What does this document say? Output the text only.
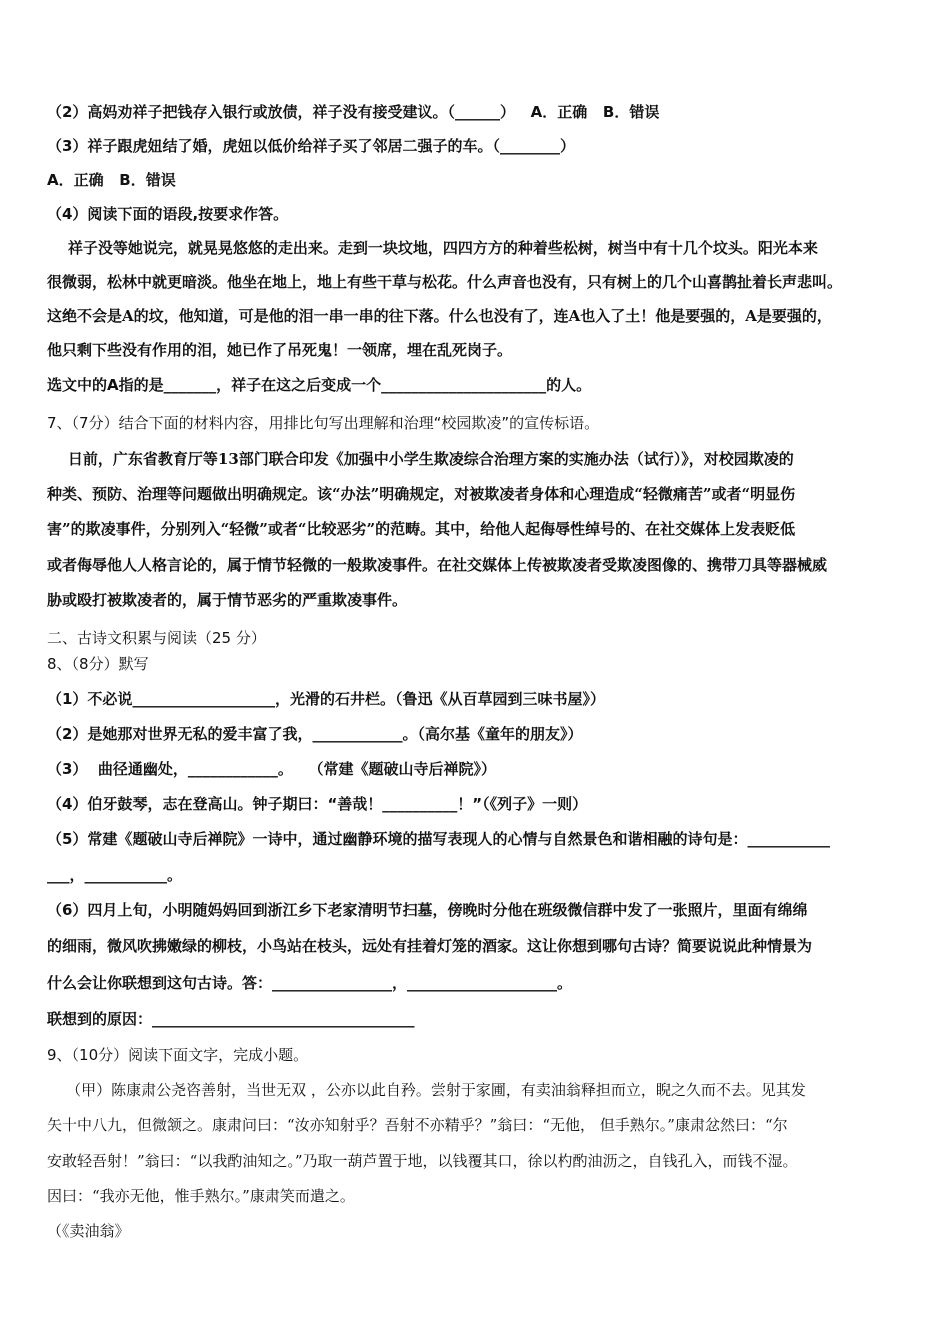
（2）高妈劝祥子把钱存入银行或放债，祥子没有接受建议。（______）   A．正确   B．错误
（3）祥子跟虎妞结了婚，虎妞以低价给祥子买了邻居二强子的车。（________）
A．正确   B．错误
（4）阅读下面的语段,按要求作答。
祥子没等她说完，就晃晃悠悠的走出来。走到一块坟地，四四方方的种着些松树，树当中有十几个坟头。阳光本来
很微弱，松林中就更暗淡。他坐在地上，地上有些干草与松花。什么声音也没有，只有树上的几个山喜鹊扯着长声悲叫。
这绝不会是A的坟，他知道，可是他的泪一串一串的往下落。什么也没有了，连A也入了土！他是要强的，A是要强的，
他只剩下些没有作用的泪，她已作了吊死鬼！一领席，埋在乱死岗子。
选文中的A指的是_______，祥子在这之后变成一个______________________的人。
7、（7分）结合下面的材料内容，用排比句写出理解和治理“校园欺凌”的宣传标语。
日前，广东省教育厅等13部门联合印发《加强中小学生欺凌综合治理方案的实施办法（试行）》，对校园欺凌的
种类、预防、治理等问题做出明确规定。该“办法”明确规定，对被欺凌者身体和心理造成“轻微痛苦”或者“明显伤
害”的欺凌事件，分别列入“轻微”或者“比较恶劣”的范畴。其中，给他人起侮辱性绰号的、在社交媒体上发表贬低
或者侮辱他人人格言论的，属于情节轻微的一般欺凌事件。在社交媒体上传被欺凌者受欺凌图像的、携带刀具等器械威
胁或殴打被欺凌者的，属于情节恶劣的严重欺凌事件。
二、古诗文积累与阅读（25 分）
8、（8分）默写
（1）不必说___________________，光滑的石井栏。（鲁迅《从百草园到三味书屋》）
（2）是她那对世界无私的爱丰富了我，____________。（高尔基《童年的朋友》）
（3）  曲径通幽处，____________。   （常建《题破山寺后禅院》）
（4）伯牙鼓琴，志在登高山。钟子期曰：“善哉！__________！”（《列子》一则）
（5）常建《题破山寺后禅院》一诗中，通过幽静环境的描写表现人的心情与自然景色和谐相融的诗句是：___________
___，___________。
（6）四月上旬，小明随妈妈回到浙江乡下老家清明节扫墓，傍晚时分他在班级微信群中发了一张照片，里面有绵绵
的细雨，微风吹拂嫩绿的柳枝，小鸟站在枝头，远处有挂着灯笼的酒家。这让你想到哪句古诗？简要说说此种情景为
什么会让你联想到这句古诗。答：________________，____________________。
联想到的原因：___________________________________
9、（10分）阅读下面文字，完成小题。
（甲）陈康肃公尧咨善射，当世无双 ，公亦以此自矜。尝射于家圃，有卖油翁释担而立，睨之久而不去。见其发
矢十中八九，但微颔之。康肃问曰：“汝亦知射乎？吾射不亦精乎？”翁曰：“无他， 但手熟尔。”康肃忿然曰：“尔
安敢轻吾射！”翁曰：“以我酌油知之。”乃取一葫芦置于地，以钱覆其口，徐以杓酌油沥之，自钱孔入，而钱不湿。
因曰：“我亦无他，惟手熟尔。”康肃笑而遣之。
（《卖油翁》
